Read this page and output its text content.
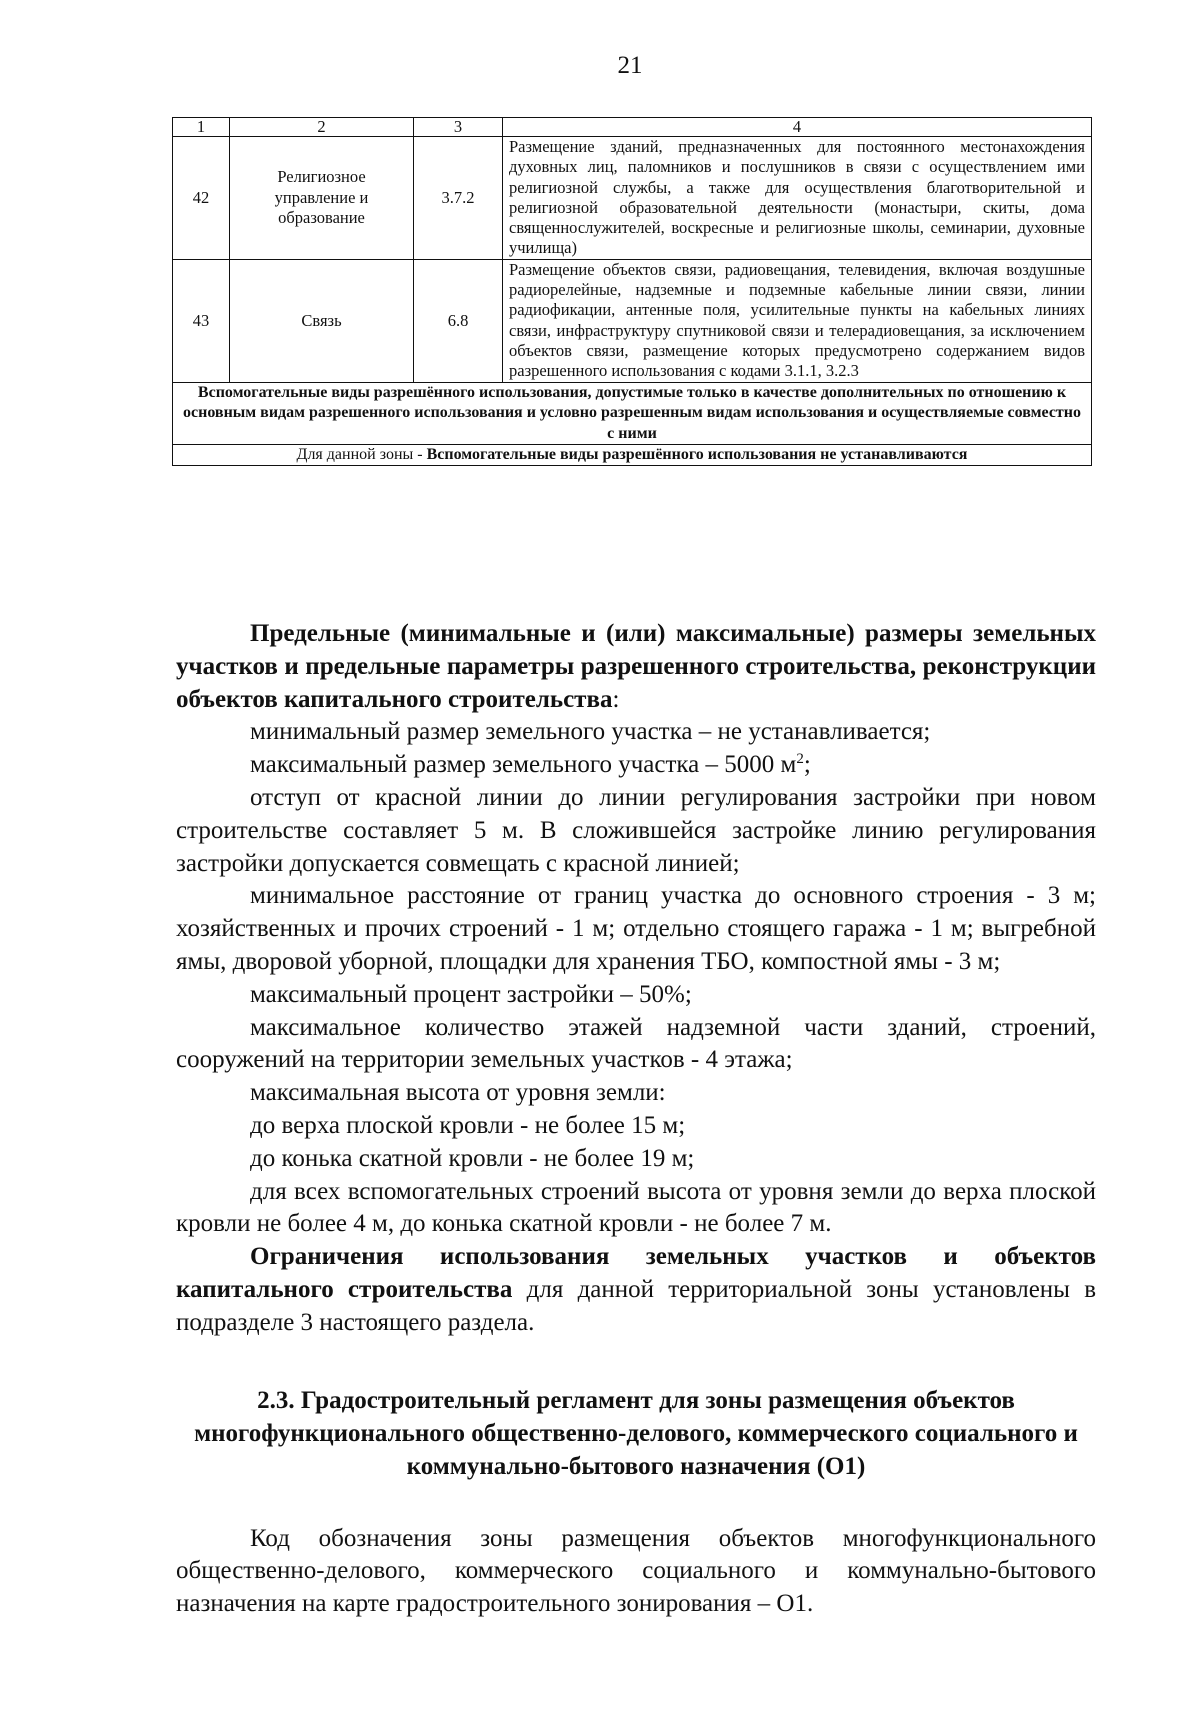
21
1	2	3	4
42	Религиозное управление и образование	3.7.2	Размещение зданий, предназначенных для постоянного местонахождения духовных лиц, паломников и послушников в связи с осуществлением ими религиозной службы, а также для осуществления благотворительной и религиозной образовательной деятельности (монастыри, скиты, дома священнослужителей, воскресные и религиозные школы, семинарии, духовные училища)
43	Связь	6.8	Размещение объектов связи, радиовещания, телевидения, включая воздушные радиорелейные, надземные и подземные кабельные линии связи, линии радиофикации, антенные поля, усилительные пункты на кабельных линиях связи, инфраструктуру спутниковой связи и телерадиовещания, за исключением объектов связи, размещение которых предусмотрено содержанием видов разрешенного использования с кодами 3.1.1, 3.2.3
Вспомогательные виды разрешённого использования, допустимые только в качестве дополнительных по отношению к основным видам разрешенного использования и условно разрешенным видам использования и осуществляемые совместно с ними			
Для данной зоны - Вспомогательные виды разрешённого использования не устанавливаются			

Предельные (минимальные и (или) максимальные) размеры земельных участков и предельные параметры разрешенного строительства, реконструкции объектов капитального строительства:

минимальный размер земельного участка – не устанавливается;

максимальный размер земельного участка – 5000 $м^2$;

отступ от красной линии до линии регулирования застройки при новом строительстве составляет 5 м. В сложившейся застройке линию регулирования застройки допускается совмещать с красной линией;

минимальное расстояние от границ участка до основного строения - 3 м; хозяйственных и прочих строений - 1 м; отдельно стоящего гаража - 1 м; выгребной ямы, дворовой уборной, площадки для хранения ТБО, компостной ямы - 3 м;

максимальный процент застройки – 50%;

максимальное количество этажей надземной части зданий, строений, сооружений на территории земельных участков - 4 этажа;

максимальная высота от уровня земли:

до верха плоской кровли - не более 15 м;

до конька скатной кровли - не более 19 м;

для всех вспомогательных строений высота от уровня земли до верха плоской кровли не более 4 м, до конька скатной кровли - не более 7 м.

Ограничения использования земельных участков и объектов капитального строительства для данной территориальной зоны установлены в подразделе 3 настоящего раздела.

2.3. Градостроительный регламент для зоны размещения объектов многофункционального общественно-делового, коммерческого социального и коммунально-бытового назначения (О1)

Код обозначения зоны размещения объектов многофункционального общественно-делового, коммерческого социального и коммунально-бытового назначения на карте градостроительного зонирования – О1.
